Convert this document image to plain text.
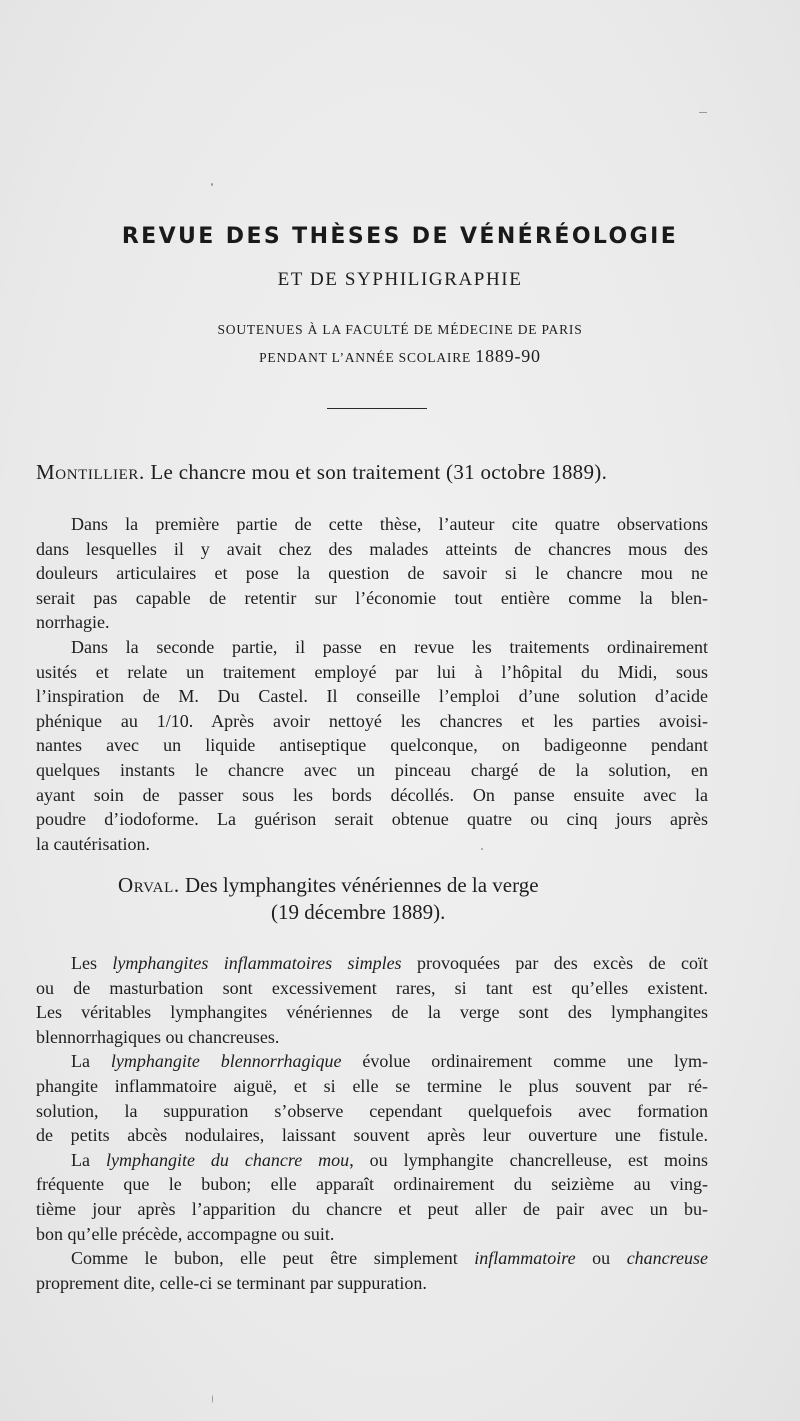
REVUE DES THÈSES DE VÉNÉRÉOLOGIE
ET DE SYPHILIGRAPHIE
SOUTENUES À LA FACULTÉ DE MÉDECINE DE PARIS
PENDANT L’ANNÉE SCOLAIRE 1889-90
Montillier. Le chancre mou et son traitement (31 octobre 1889).
Dans la première partie de cette thèse, l’auteur cite quatre observations
dans lesquelles il y avait chez des malades atteints de chancres mous des
douleurs articulaires et pose la question de savoir si le chancre mou ne
serait pas capable de retentir sur l’économie tout entière comme la blen-
norrhagie.
Dans la seconde partie, il passe en revue les traitements ordinairement
usités et relate un traitement employé par lui à l’hôpital du Midi, sous
l’inspiration de M. Du Castel. Il conseille l’emploi d’une solution d’acide
phénique au 1/10. Après avoir nettoyé les chancres et les parties avoisi-
nantes avec un liquide antiseptique quelconque, on badigeonne pendant
quelques instants le chancre avec un pinceau chargé de la solution, en
ayant soin de passer sous les bords décollés. On panse ensuite avec la
poudre d’iodoforme. La guérison serait obtenue quatre ou cinq jours après
la cautérisation.
Orval. Des lymphangites vénériennes de la verge
(19 décembre 1889).
Les lymphangites inflammatoires simples provoquées par des excès de coït
ou de masturbation sont excessivement rares, si tant est qu’elles existent.
Les véritables lymphangites vénériennes de la verge sont des lymphangites
blennorrhagiques ou chancreuses.
La lymphangite blennorrhagique évolue ordinairement comme une lym-
phangite inflammatoire aiguë, et si elle se termine le plus souvent par ré-
solution, la suppuration s’observe cependant quelquefois avec formation
de petits abcès nodulaires, laissant souvent après leur ouverture une fistule.
La lymphangite du chancre mou, ou lymphangite chancrelleuse, est moins
fréquente que le bubon; elle apparaît ordinairement du seizième au ving-
tième jour après l’apparition du chancre et peut aller de pair avec un bu-
bon qu’elle précède, accompagne ou suit.
Comme le bubon, elle peut être simplement inflammatoire ou chancreuse
proprement dite, celle-ci se terminant par suppuration.
